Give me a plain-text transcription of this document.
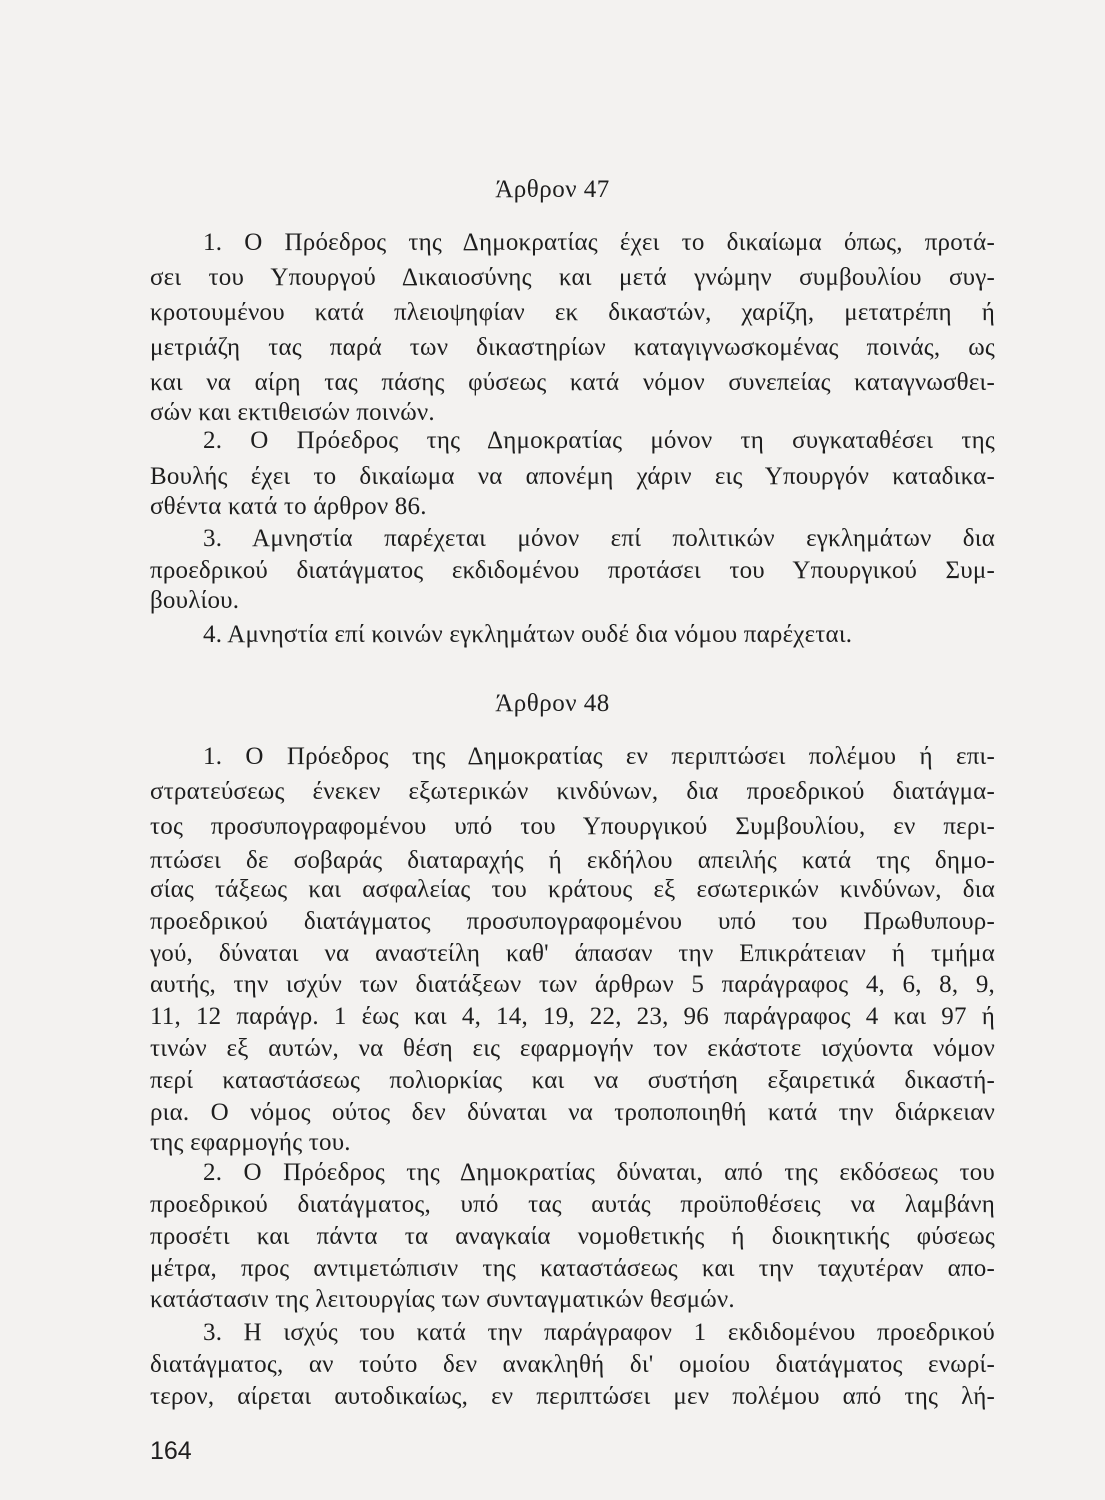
Άρθρον 47
1. Ο Πρόεδρος της Δημοκρατίας έχει το δικαίωμα όπως, προτά-
σει του Υπουργού Δικαιοσύνης και μετά γνώμην συμβουλίου συγ-
κροτουμένου κατά πλειοψηφίαν εκ δικαστών, χαρίζη, μετατρέπη ή
μετριάζη τας παρά των δικαστηρίων καταγιγνωσκομένας ποινάς, ως
και να αίρη τας πάσης φύσεως κατά νόμον συνεπείας καταγνωσθει-
σών και εκτιθεισών ποινών.
2. Ο Πρόεδρος της Δημοκρατίας μόνον τη συγκαταθέσει της
Βουλής έχει το δικαίωμα να απονέμη χάριν εις Υπουργόν καταδικα-
σθέντα κατά το άρθρον 86.
3. Αμνηστία παρέχεται μόνον επί πολιτικών εγκλημάτων δια
προεδρικού διατάγματος εκδιδομένου προτάσει του Υπουργικού Συμ-
βουλίου.
4. Αμνηστία επί κοινών εγκλημάτων ουδέ δια νόμου παρέχεται.
Άρθρον 48
1. Ο Πρόεδρος της Δημοκρατίας εν περιπτώσει πολέμου ή επι-
στρατεύσεως ένεκεν εξωτερικών κινδύνων, δια προεδρικού διατάγμα-
τος προσυπογραφομένου υπό του Υπουργικού Συμβουλίου, εν περι-
πτώσει δε σοβαράς διαταραχής ή εκδήλου απειλής κατά της δημο-
σίας τάξεως και ασφαλείας του κράτους εξ εσωτερικών κινδύνων, δια
προεδρικού διατάγματος προσυπογραφομένου υπό του Πρωθυπουρ-
γού, δύναται να αναστείλη καθ' άπασαν την Επικράτειαν ή τμήμα
αυτής, την ισχύν των διατάξεων των άρθρων 5 παράγραφος 4, 6, 8, 9,
11, 12 παράγρ. 1 έως και 4, 14, 19, 22, 23, 96 παράγραφος 4 και 97 ή
τινών εξ αυτών, να θέση εις εφαρμογήν τον εκάστοτε ισχύοντα νόμον
περί καταστάσεως πολιορκίας και να συστήση εξαιρετικά δικαστή-
ρια. Ο νόμος ούτος δεν δύναται να τροποποιηθή κατά την διάρκειαν
της εφαρμογής του.
2. Ο Πρόεδρος της Δημοκρατίας δύναται, από της εκδόσεως του
προεδρικού διατάγματος, υπό τας αυτάς προϋποθέσεις να λαμβάνη
προσέτι και πάντα τα αναγκαία νομοθετικής ή διοικητικής φύσεως
μέτρα, προς αντιμετώπισιν της καταστάσεως και την ταχυτέραν απο-
κατάστασιν της λειτουργίας των συνταγματικών θεσμών.
3. Η ισχύς του κατά την παράγραφον 1 εκδιδομένου προεδρικού
διατάγματος, αν τούτο δεν ανακληθή δι' ομοίου διατάγματος ενωρί-
τερον, αίρεται αυτοδικαίως, εν περιπτώσει μεν πολέμου από της λή-
164
